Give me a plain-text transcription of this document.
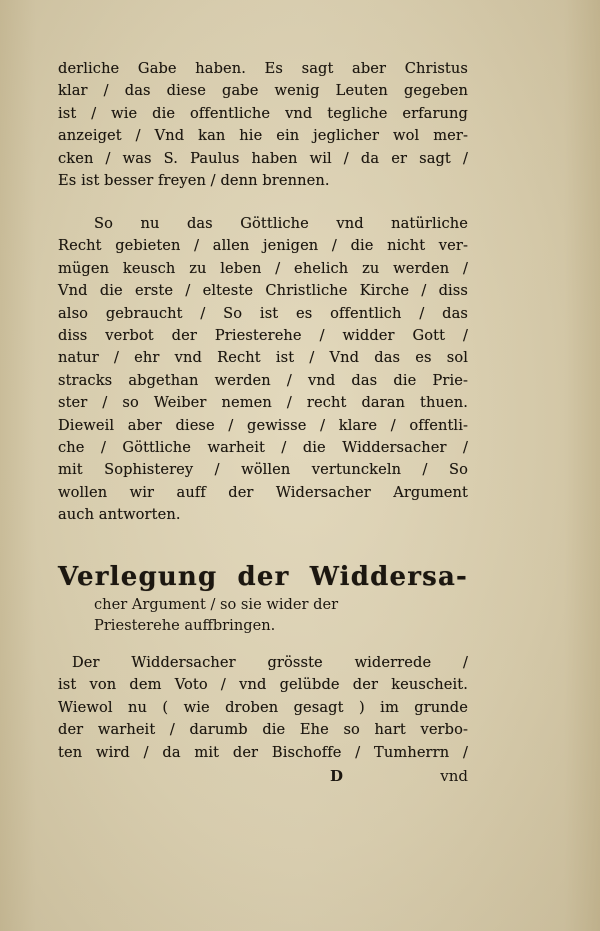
derliche Gabe haben. Es sagt aber Christus
klar / das diese gabe wenig Leuten gegeben
ist / wie die offentliche vnd tegliche erfarung
anzeiget / Vnd kan hie ein jeglicher wol mer-
cken / was S. Paulus haben wil / da er sagt /
Es ist besser freyen / denn brennen.
So nu das Göttliche vnd natürliche
Recht gebieten / allen jenigen / die nicht ver-
mügen keusch zu leben / ehelich zu werden /
Vnd die erste / elteste Christliche Kirche / diss
also gebraucht / So ist es offentlich / das
diss verbot der Priesterehe / widder Gott /
natur / ehr vnd Recht ist / Vnd das es sol
stracks abgethan werden / vnd das die Prie-
ster / so Weiber nemen / recht daran thuen.
Dieweil aber diese / gewisse / klare / offentli-
che / Göttliche warheit / die Widdersacher /
mit Sophisterey / wöllen vertunckeln / So
wollen wir auff der Widersacher Argument
auch antworten.
Verlegung der Widdersa-
cher Argument / so sie wider der
Priesterehe auffbringen.
Der Widdersacher grösste widerrede /
ist von dem Voto / vnd gelübde der keuscheit.
Wiewol nu ( wie droben gesagt ) im grunde
der warheit / darumb die Ehe so hart verbo-
ten wird / da mit der Bischoffe / Tumherrn /
D	vnd
